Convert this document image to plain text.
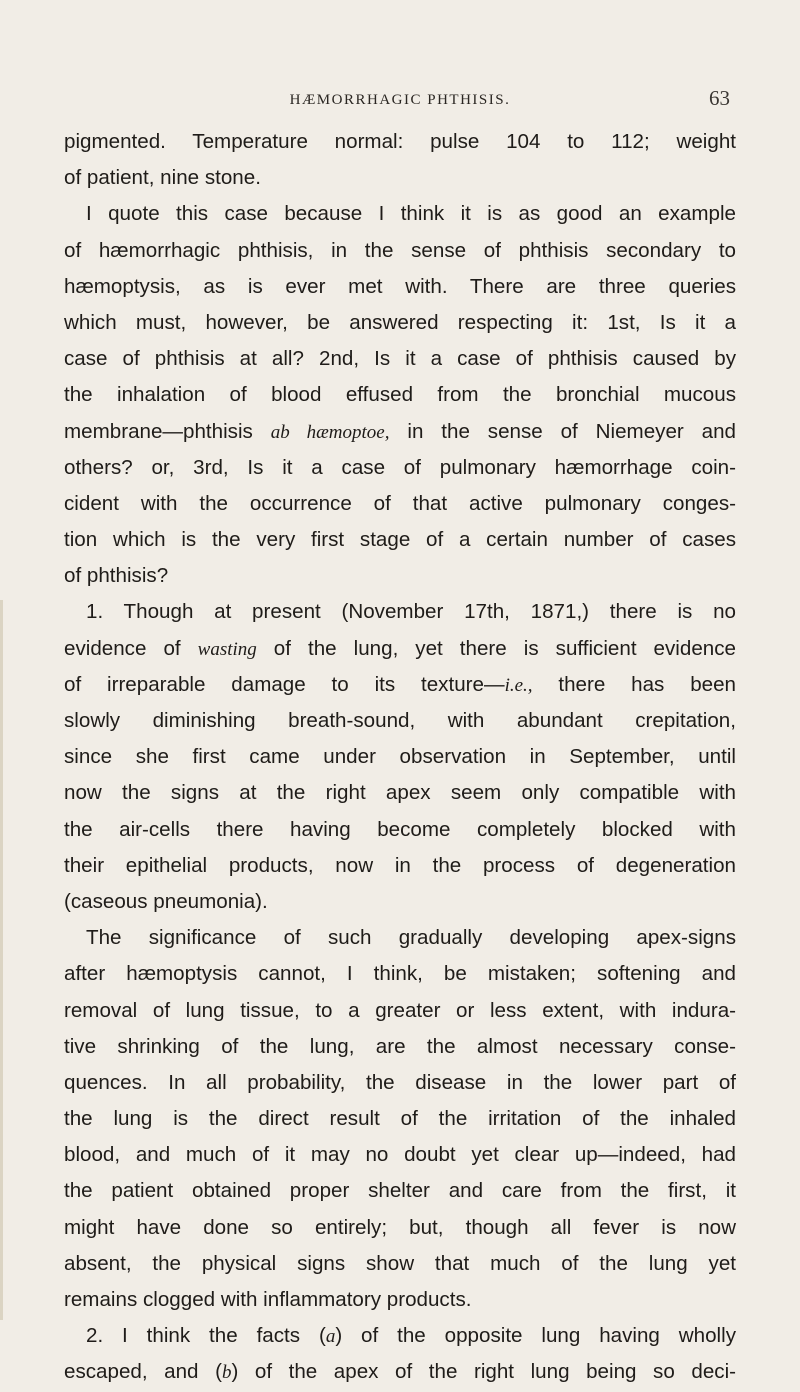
HÆMORRHAGIC PHTHISIS.	63
pigmented. Temperature normal: pulse 104 to 112; weight
of patient, nine stone.
I quote this case because I think it is as good an example
of hæmorrhagic phthisis, in the sense of phthisis secondary to
hæmoptysis, as is ever met with. There are three queries
which must, however, be answered respecting it: 1st, Is it a
case of phthisis at all? 2nd, Is it a case of phthisis caused by
the inhalation of blood effused from the bronchial mucous
membrane—phthisis ab hæmoptoe, in the sense of Niemeyer and
others? or, 3rd, Is it a case of pulmonary hæmorrhage coin-
cident with the occurrence of that active pulmonary conges-
tion which is the very first stage of a certain number of cases
of phthisis?
1. Though at present (November 17th, 1871,) there is no
evidence of wasting of the lung, yet there is sufficient evidence
of irreparable damage to its texture—i.e., there has been
slowly diminishing breath-sound, with abundant crepitation,
since she first came under observation in September, until
now the signs at the right apex seem only compatible with
the air-cells there having become completely blocked with
their epithelial products, now in the process of degeneration
(caseous pneumonia).
The significance of such gradually developing apex-signs
after hæmoptysis cannot, I think, be mistaken; softening and
removal of lung tissue, to a greater or less extent, with indura-
tive shrinking of the lung, are the almost necessary conse-
quences. In all probability, the disease in the lower part of
the lung is the direct result of the irritation of the inhaled
blood, and much of it may no doubt yet clear up—indeed, had
the patient obtained proper shelter and care from the first, it
might have done so entirely; but, though all fever is now
absent, the physical signs show that much of the lung yet
remains clogged with inflammatory products.
2. I think the facts (a) of the opposite lung having wholly
escaped, and (b) of the apex of the right lung being so deci-
